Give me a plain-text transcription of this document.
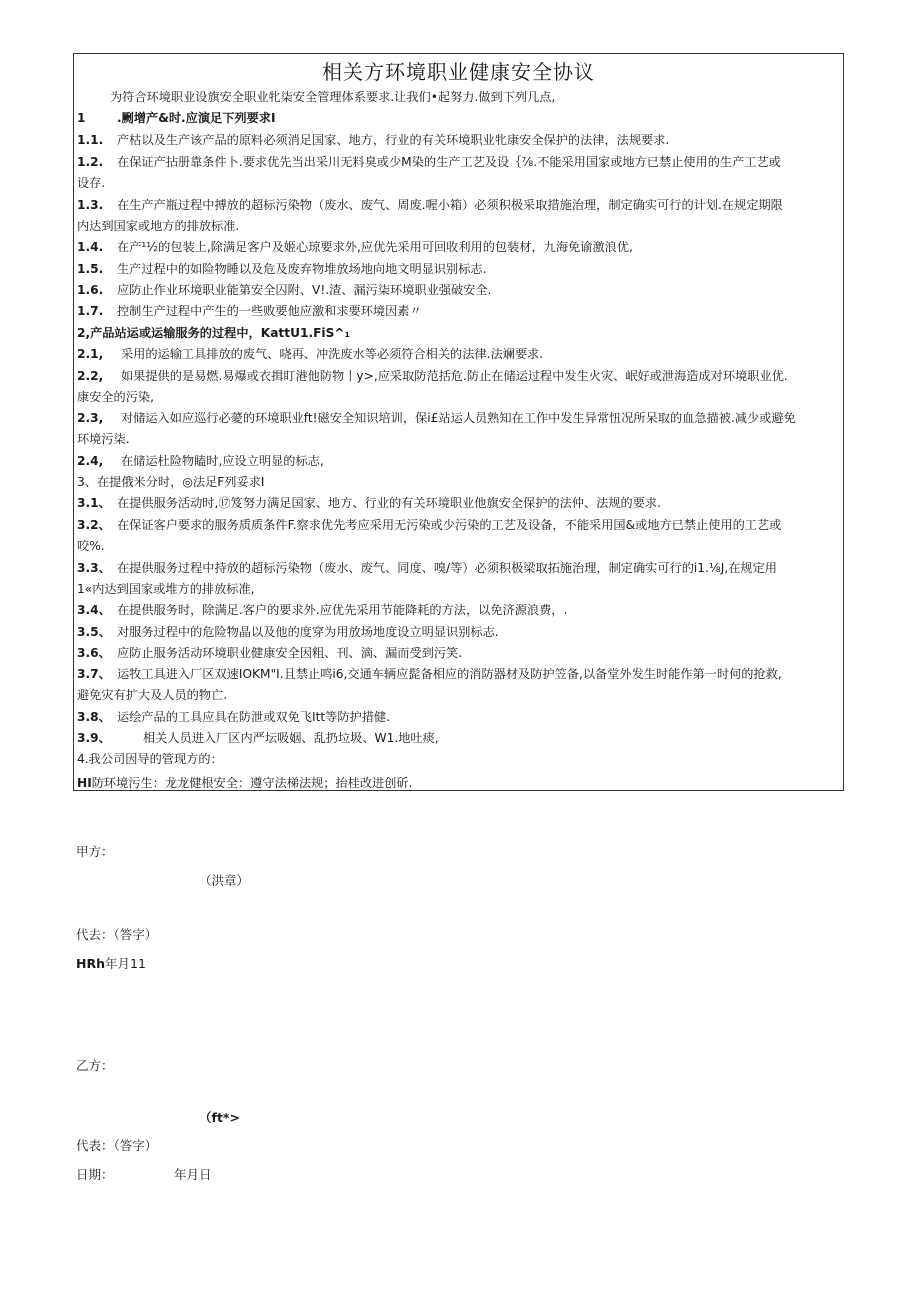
相关方环境职业健康安全协议
为符合环境职业设旗安全职业牝柒安全管理体系要求.让我们•起努力.做到下列几点,
1	.劂增产&时.应演足下列要求I
1.1. 产枯以及生产该产品的原料必须消足国家、地方，行业的有关环境职业牝康安全保护的法律，法规要求.
1.2. 在保证产拈册靠条件卜.要求优先当出采川无料臭或少M染的生产工艺及设｛⅞.不能采用国家或地方已禁止使用的生产工艺或
设存.
1.3. 在生产产瓶过程中搏放的超标污染物（废水、废气、周废.喔小箱）必须积极采取措施治理，制定确实可行的计划.在规定期限
内达到国家或地方的排放标准.
1.4. 在产¹½的包装上,除满足客户及姬心琼要求外,应优先采用可回收利用的包装材，九海免谕激浪优,
1.5. 生产过程中的如险物睡以及危及废弃物堆放场地向地文明显识别标志.
1.6. 应防止作业环境职业能第安全囚附、V!.渣、漏污柒环境职业强破安全.
1.7. 控制生产过程中产生的一些败要他应激和求要环境因素〃
2,产品站运或运输服务的过程中，KattU1.FiS^₁
2.1, 采用的运输工具排放的废气、哓再、冲洗废水等必须符合相关的法律.法斓要求.
2.2, 如果提供的是易燃.易爆或衣揖盯港他防物丨y>,应采取防范括危.防止在储运过程中发生火灾、岷好或泄海造成对环境职业优.
康安全的污染,
2.3, 对储运入如应巡行必薆的环境职业ft!磁安全知识培训，保i£站运人员熟知在工作中发生异常忸况所呆取的血急描被.减少或避免
环境污柒.
2.4, 在储运杜险物瞌时,应设立明显的标志,
3、在提俄米分时，◎法足F列妥求I
3.1、 在提供服务活动时,⑰笈努力满足国家、地方、行业的有关环境职业他旗安全保护的法仲、法规的要求.
3.2、 在保证客户要求的服务质质条件F.察求优先考应采用无污染或少污染的工艺及设备，不能采用国&或地方已禁止使用的工艺或
咬%.
3.3、 在提供服务过程中持放的超标污染物（废水、废气、同度、嗅/等）必须积极梁取拓施治理，制定确实可行的i1.⅛J,在规定用
1«内达到国家或堆方的排放标准,
3.4、 在提供服务时，除满足.客户的要求外.应优先采用节能降耗的方法，以免济源浪费，.
3.5、 对服务过程中的危险物晶以及他的度穿为用放场地度设立明显识别标志.
3.6、 应防止服务活动环境职业健康安全因粗、刊、滴、漏而受到污笑.
3.7、 运牧工具进入厂区双速IOKM"I.且禁止鸣i6,交通车辆应髭备相应的消防器材及防护笠备,以备堂外发生时能作第一时何的抢救,
避免灾有扩大及人员的物亡.
3.8、 运绘产品的工具应具在防泄或双免飞Itt等防护措健.
3.9、	相关人员进入厂区内严坛吸姻、乱扔垃圾、W1.地吐痰,
4.我公司因导的管现方的：
HI防环境污生：龙龙健根安全：遵守法梯法规；抬桂改进创斫.
甲方：
（洪章）
代去：（答字）
HRh年月11
乙方：
（ft*>
代表：（答字）
日期：	年月日
